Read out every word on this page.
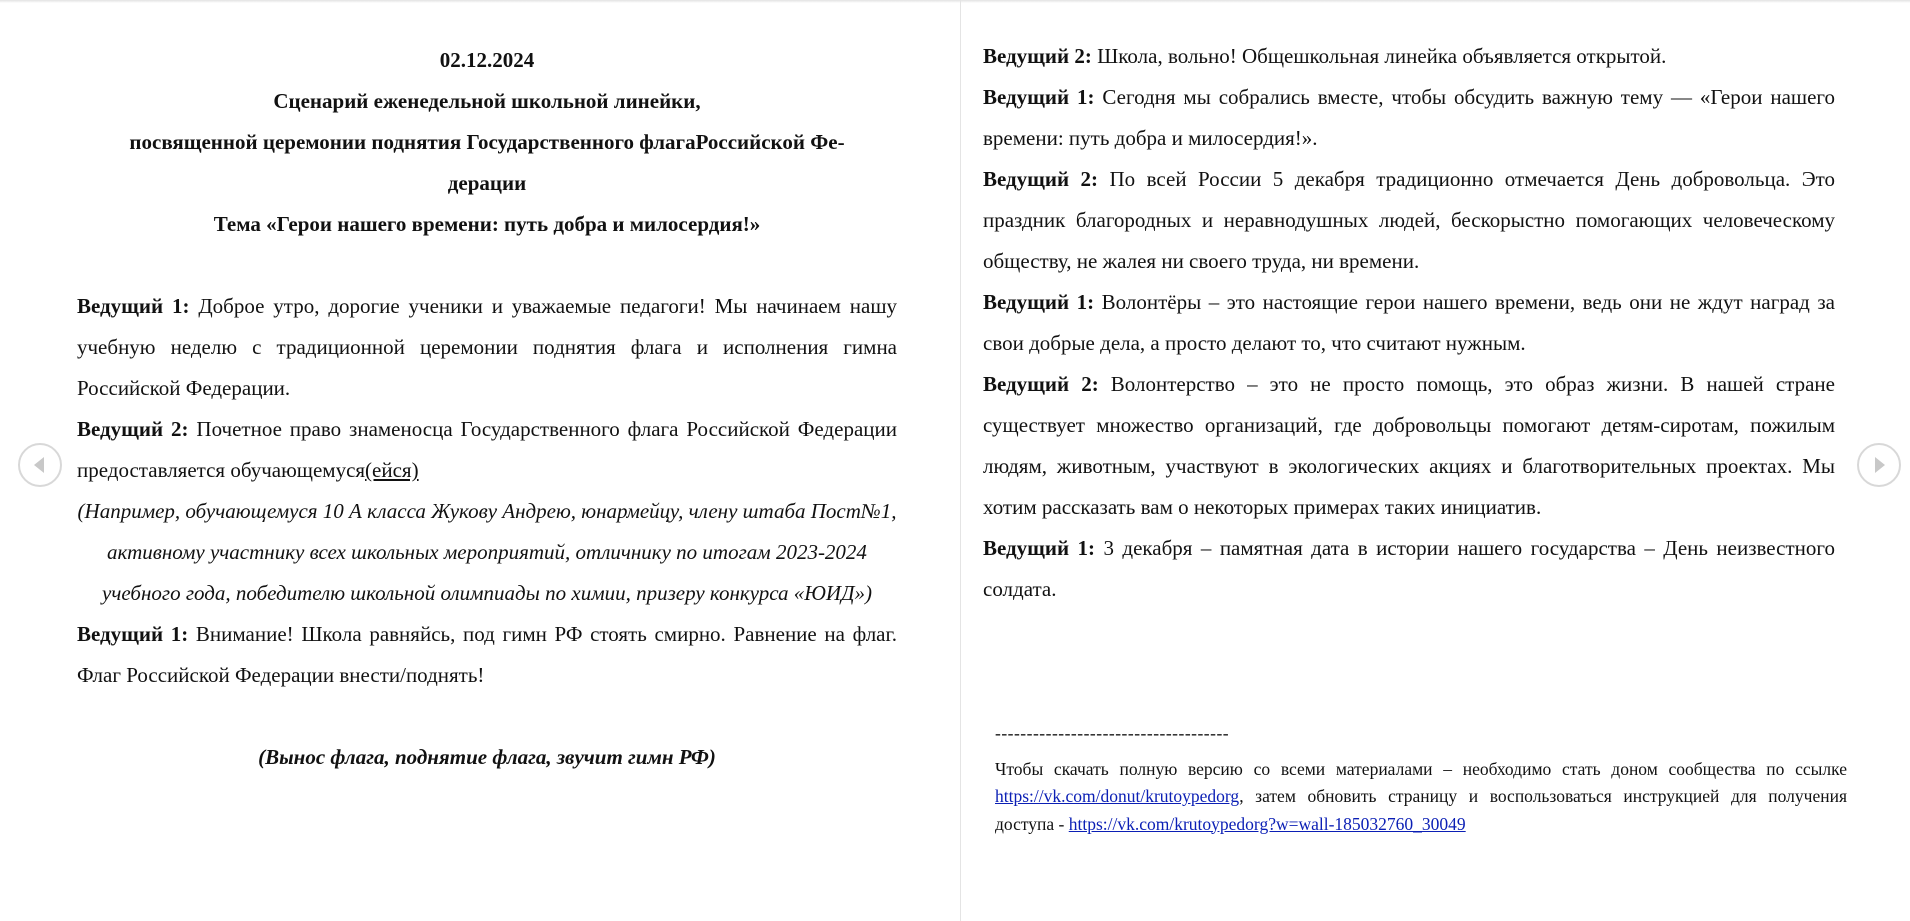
02.12.2024

Сценарий еженедельной школьной линейки,

посвященной церемонии поднятия Государственного флагаРоссийской Фе-

дерации

Тема «Герои нашего времени: путь добра и милосердия!»

Ведущий 1: Доброе утро, дорогие ученики и уважаемые педагоги! Мы начинаем нашу учебную неделю с традиционной церемонии поднятия флага и исполнения гимна Российской Федерации.

Ведущий 2: Почетное право знаменосца Государственного флага Российской Федерации предоставляется обучающемуся(ейся)

(Например, обучающемуся 10 А класса Жукову Андрею, юнармейцу, члену штаба Пост№1, активному участнику всех школьных мероприятий, отличнику по итогам 2023-2024 учебного года, победителю школьной олимпиады по химии, призеру конкурса «ЮИД»)

Ведущий 1: Внимание! Школа равняйсь, под гимн РФ стоять смирно. Равнение на флаг. Флаг Российской Федерации внести/поднять!

(Вынос флага, поднятие флага, звучит гимн РФ)

Ведущий 2: Школа, вольно! Общешкольная линейка объявляется открытой.

Ведущий 1: Сегодня мы собрались вместе, чтобы обсудить важную тему — «Герои нашего времени: путь добра и милосердия!».

Ведущий 2: По всей России 5 декабря традиционно отмечается День добровольца. Это праздник благородных и неравнодушных людей, бескорыстно помогающих человеческому обществу, не жалея ни своего труда, ни времени.

Ведущий 1: Волонтёры – это настоящие герои нашего времени, ведь они не ждут наград за свои добрые дела, а просто делают то, что считают нужным.

Ведущий 2: Волонтерство – это не просто помощь, это образ жизни. В нашей стране существует множество организаций, где добровольцы помогают детям-сиротам, пожилым людям, животным, участвуют в экологических акциях и благотворительных проектах. Мы хотим рассказать вам о некоторых примерах таких инициатив.

Ведущий 1: 3 декабря – памятная дата в истории нашего государства – День неизвестного солдата.

-------------------------------------
Чтобы скачать полную версию со всеми материалами – необходимо стать доном сообщества по ссылке https://vk.com/donut/krutoypedorg, затем обновить страницу и воспользоваться инструкцией для получения доступа - https://vk.com/krutoypedorg?w=wall-185032760_30049
